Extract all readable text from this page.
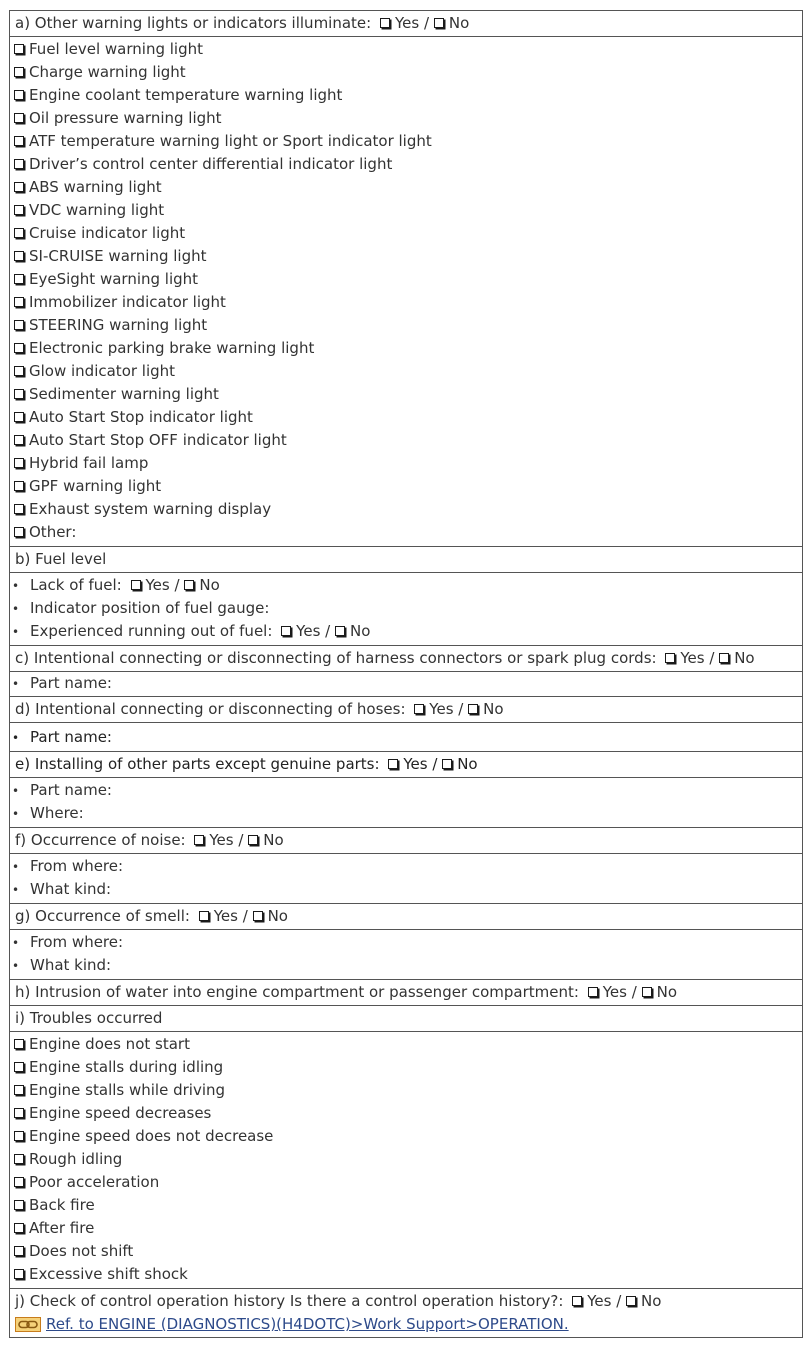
a) Other warning lights or indicators illuminate: Yes / No
Fuel level warning light
Charge warning light
Engine coolant temperature warning light
Oil pressure warning light
ATF temperature warning light or Sport indicator light
Driver’s control center differential indicator light
ABS warning light
VDC warning light
Cruise indicator light
SI-CRUISE warning light
EyeSight warning light
Immobilizer indicator light
STEERING warning light
Electronic parking brake warning light
Glow indicator light
Sedimenter warning light
Auto Start Stop indicator light
Auto Start Stop OFF indicator light
Hybrid fail lamp
GPF warning light
Exhaust system warning display
Other:
b) Fuel level
• Lack of fuel: Yes / No
• Indicator position of fuel gauge:
• Experienced running out of fuel: Yes / No
c) Intentional connecting or disconnecting of harness connectors or spark plug cords: Yes / No
• Part name:
d) Intentional connecting or disconnecting of hoses: Yes / No
• Part name:
e) Installing of other parts except genuine parts: Yes / No
• Part name:
• Where:
f) Occurrence of noise: Yes / No
• From where:
• What kind:
g) Occurrence of smell: Yes / No
• From where:
• What kind:
h) Intrusion of water into engine compartment or passenger compartment: Yes / No
i) Troubles occurred
Engine does not start
Engine stalls during idling
Engine stalls while driving
Engine speed decreases
Engine speed does not decrease
Rough idling
Poor acceleration
Back fire
After fire
Does not shift
Excessive shift shock
j) Check of control operation history Is there a control operation history?: Yes / No
Ref. to ENGINE (DIAGNOSTICS)(H4DOTC)>Work Support>OPERATION.
